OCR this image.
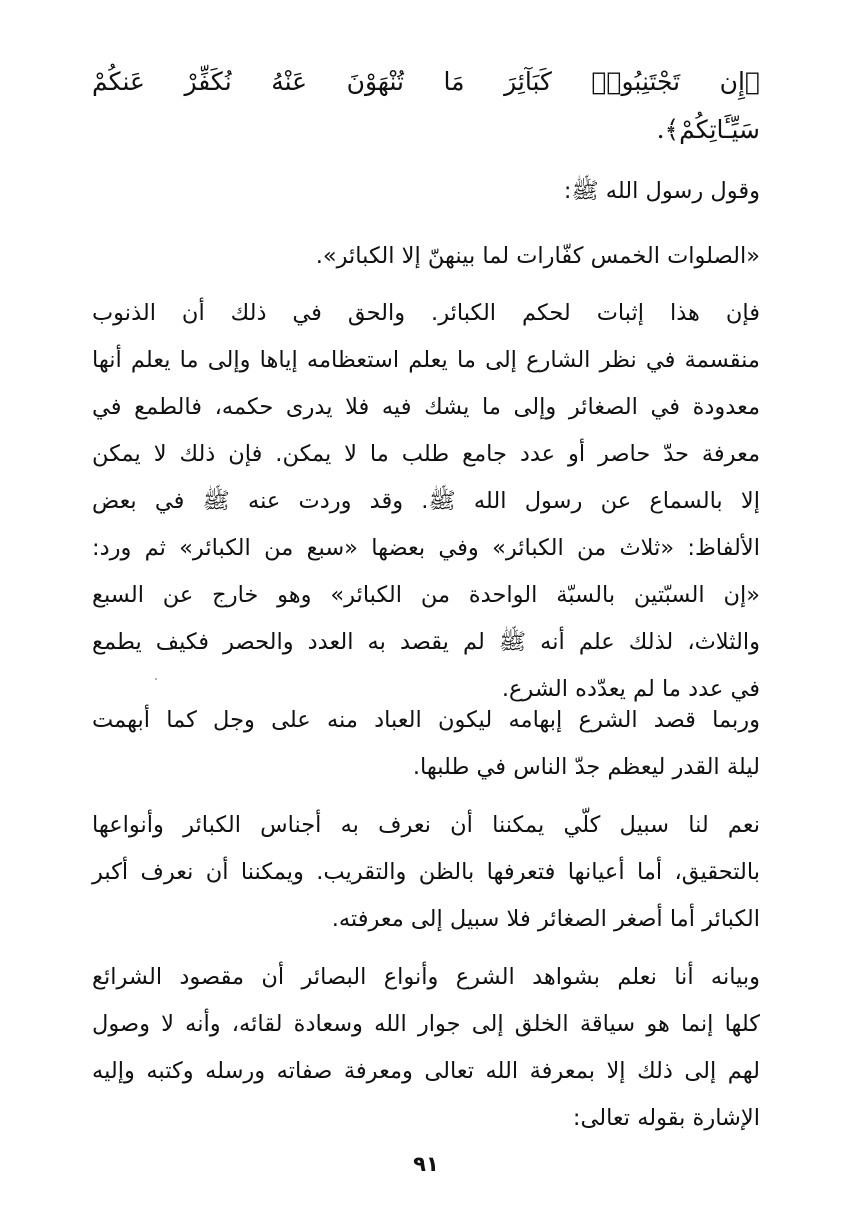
﴿إِن تَجْتَنِبُوا۟ كَبَآئِرَ مَا تُنْهَوْنَ عَنْهُ نُكَفِّرْ عَنكُمْ
سَيِّـَٔاتِكُمْ﴾.
وقول رسول الله ﷺ:
«الصلوات الخمس كفّارات لما بينهنّ إلا الكبائر».
فإن هذا إثبات لحكم الكبائر. والحق في ذلك أن الذنوب
منقسمة في نظر الشارع إلى ما يعلم استعظامه إياها وإلى ما يعلم أنها
معدودة في الصغائر وإلى ما يشك فيه فلا يدرى حكمه، فالطمع في
معرفة حدّ حاصر أو عدد جامع طلب ما لا يمكن. فإن ذلك لا يمكن
إلا بالسماع عن رسول الله ﷺ. وقد وردت عنه ﷺ في بعض
الألفاظ: «ثلاث من الكبائر» وفي بعضها «سبع من الكبائر» ثم ورد:
«إن السبّتين بالسبّة الواحدة من الكبائر» وهو خارج عن السبع
والثلاث، لذلك علم أنه ﷺ لم يقصد به العدد والحصر فكيف يطمع
في عدد ما لم يعدّده الشرع.
وربما قصد الشرع إبهامه ليكون العباد منه على وجل كما أبهمت
ليلة القدر ليعظم جدّ الناس في طلبها.
نعم لنا سبيل كلّي يمكننا أن نعرف به أجناس الكبائر وأنواعها
بالتحقيق، أما أعيانها فتعرفها بالظن والتقريب. ويمكننا أن نعرف أكبر
الكبائر أما أصغر الصغائر فلا سبيل إلى معرفته.
وبيانه أنا نعلم بشواهد الشرع وأنواع البصائر أن مقصود الشرائع
كلها إنما هو سياقة الخلق إلى جوار الله وسعادة لقائه، وأنه لا وصول
لهم إلى ذلك إلا بمعرفة الله تعالى ومعرفة صفاته ورسله وكتبه وإليه
الإشارة بقوله تعالى:
٩١
